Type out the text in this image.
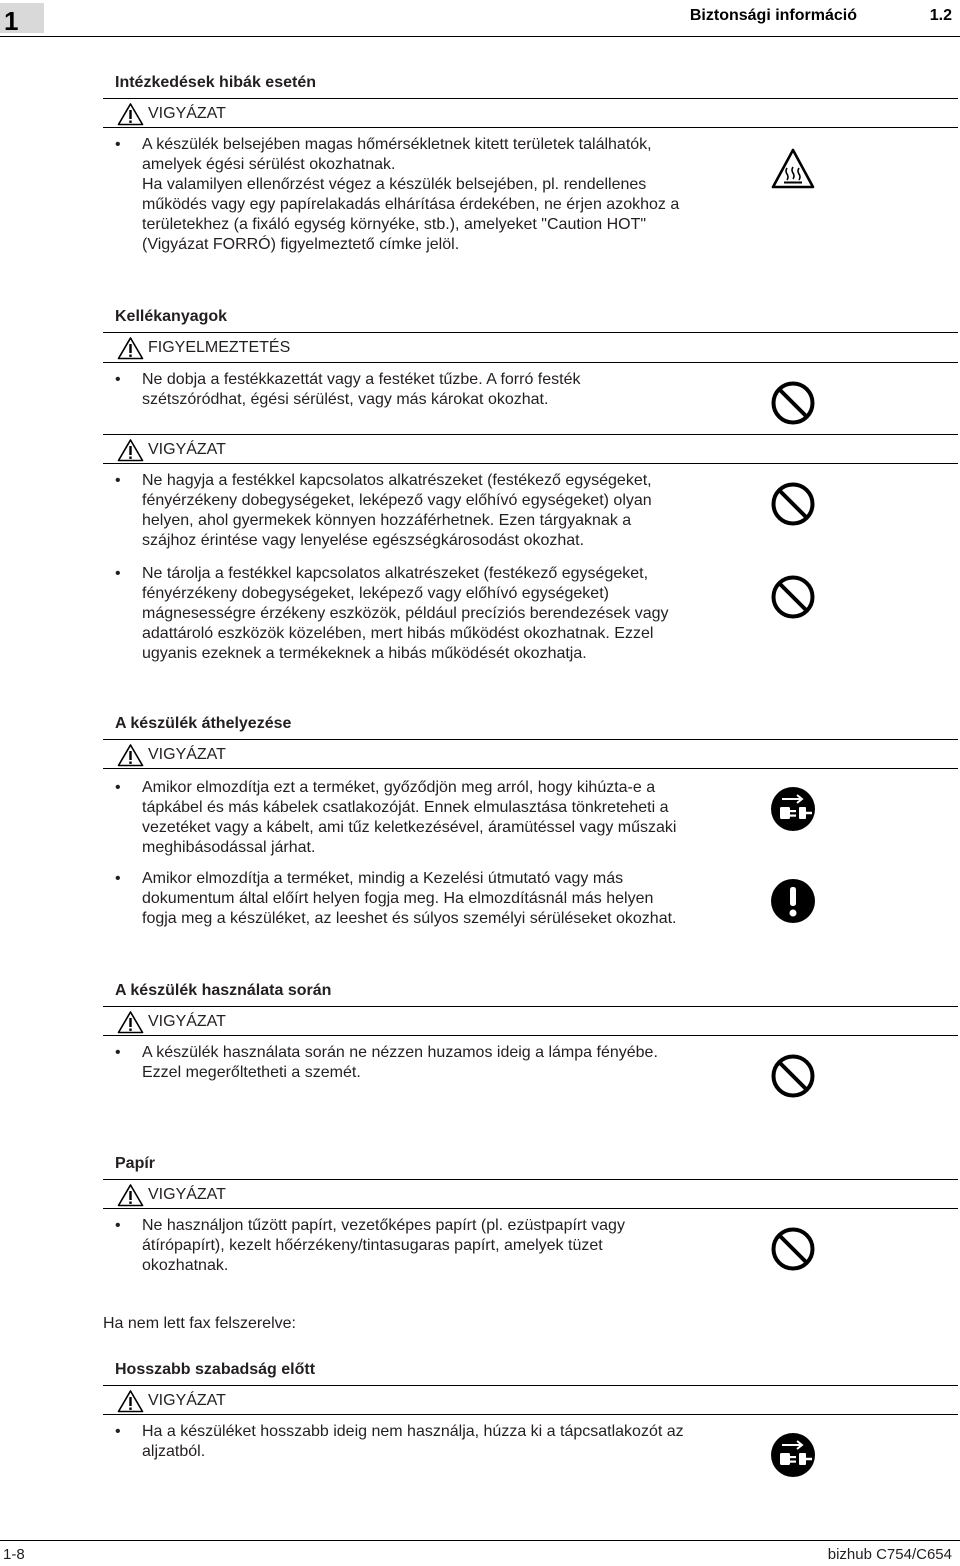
1	Biztonsági információ	1.2
Intézkedések hibák esetén
VIGYÁZAT
• A készülék belsejében magas hőmérsékletnek kitett területek találhatók,
amelyek égési sérülést okozhatnak.
Ha valamilyen ellenőrzést végez a készülék belsejében, pl. rendellenes
működés vagy egy papírelakadás elhárítása érdekében, ne érjen azokhoz a
területekhez (a fixáló egység környéke, stb.), amelyeket "Caution HOT"
(Vigyázat FORRÓ) figyelmeztető címke jelöl.
Kellékanyagok
FIGYELMEZTETÉS
• Ne dobja a festékkazettát vagy a festéket tűzbe. A forró festék
szétszóródhat, égési sérülést, vagy más károkat okozhat.
VIGYÁZAT
• Ne hagyja a festékkel kapcsolatos alkatrészeket (festékező egységeket,
fényérzékeny dobegységeket, leképező vagy előhívó egységeket) olyan
helyen, ahol gyermekek könnyen hozzáférhetnek. Ezen tárgyaknak a
szájhoz érintése vagy lenyelése egészségkárosodást okozhat.
• Ne tárolja a festékkel kapcsolatos alkatrészeket (festékező egységeket,
fényérzékeny dobegységeket, leképező vagy előhívó egységeket)
mágnesességre érzékeny eszközök, például precíziós berendezések vagy
adattároló eszközök közelében, mert hibás működést okozhatnak. Ezzel
ugyanis ezeknek a termékeknek a hibás működését okozhatja.
A készülék áthelyezése
VIGYÁZAT
• Amikor elmozdítja ezt a terméket, győződjön meg arról, hogy kihúzta-e a
tápkábel és más kábelek csatlakozóját. Ennek elmulasztása tönkreteheti a
vezetéket vagy a kábelt, ami tűz keletkezésével, áramütéssel vagy műszaki
meghibásodással járhat.
• Amikor elmozdítja a terméket, mindig a Kezelési útmutató vagy más
dokumentum által előírt helyen fogja meg. Ha elmozdításnál más helyen
fogja meg a készüléket, az leeshet és súlyos személyi sérüléseket okozhat.
A készülék használata során
VIGYÁZAT
• A készülék használata során ne nézzen huzamos ideig a lámpa fényébe.
Ezzel megerőltetheti a szemét.
Papír
VIGYÁZAT
• Ne használjon tűzött papírt, vezetőképes papírt (pl. ezüstpapírt vagy
átírópapírt), kezelt hőérzékeny/tintasugaras papírt, amelyek tüzet
okozhatnak.
Ha nem lett fax felszerelve:
Hosszabb szabadság előtt
VIGYÁZAT
• Ha a készüléket hosszabb ideig nem használja, húzza ki a tápcsatlakozót az
aljzatból.
1-8	bizhub C754/C654
